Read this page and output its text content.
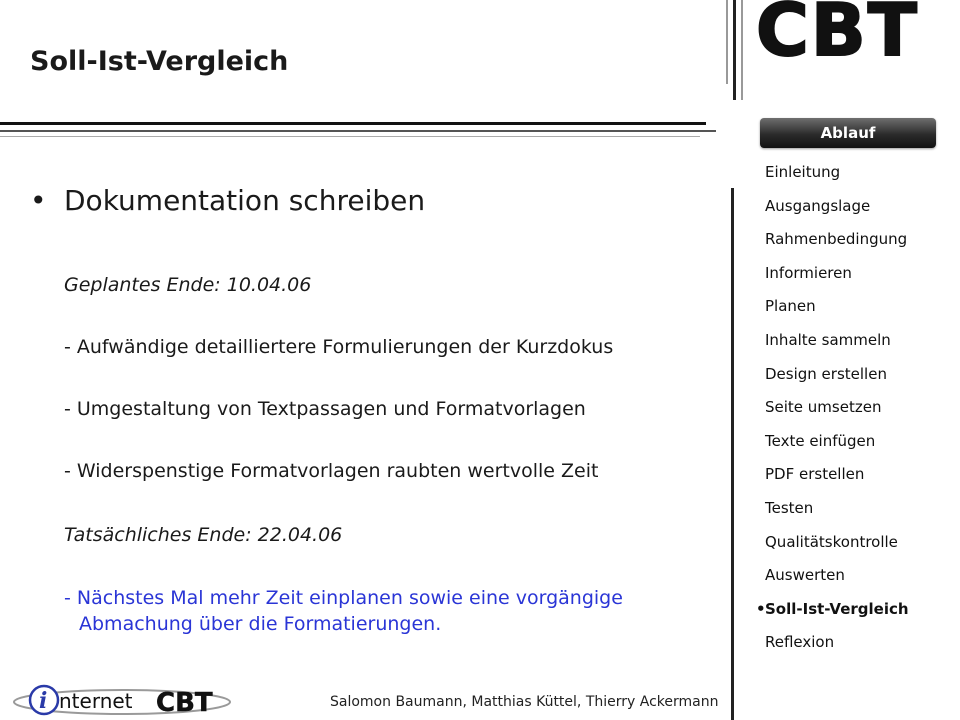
Soll-Ist-Vergleich	CBT
Ablauf
Einleitung
Ausgangslage
Rahmenbedingung
Informieren
Planen
Inhalte sammeln
Design erstellen
Seite umsetzen
Texte einfügen
PDF erstellen
Testen
Qualitätskontrolle
Auswerten
• Soll-Ist-Vergleich
Reflexion
• Dokumentation schreiben
Geplantes Ende: 10.04.06
- Aufwändige detailliertere Formulierungen der Kurzdokus
- Umgestaltung von Textpassagen und Formatvorlagen
- Widerspenstige Formatvorlagen raubten wertvolle Zeit
Tatsächliches Ende: 22.04.06
- Nächstes Mal mehr Zeit einplanen sowie eine vorgängige
Abmachung über die Formatierungen.
i nternet CBT	Salomon Baumann, Matthias Küttel, Thierry Ackermann
